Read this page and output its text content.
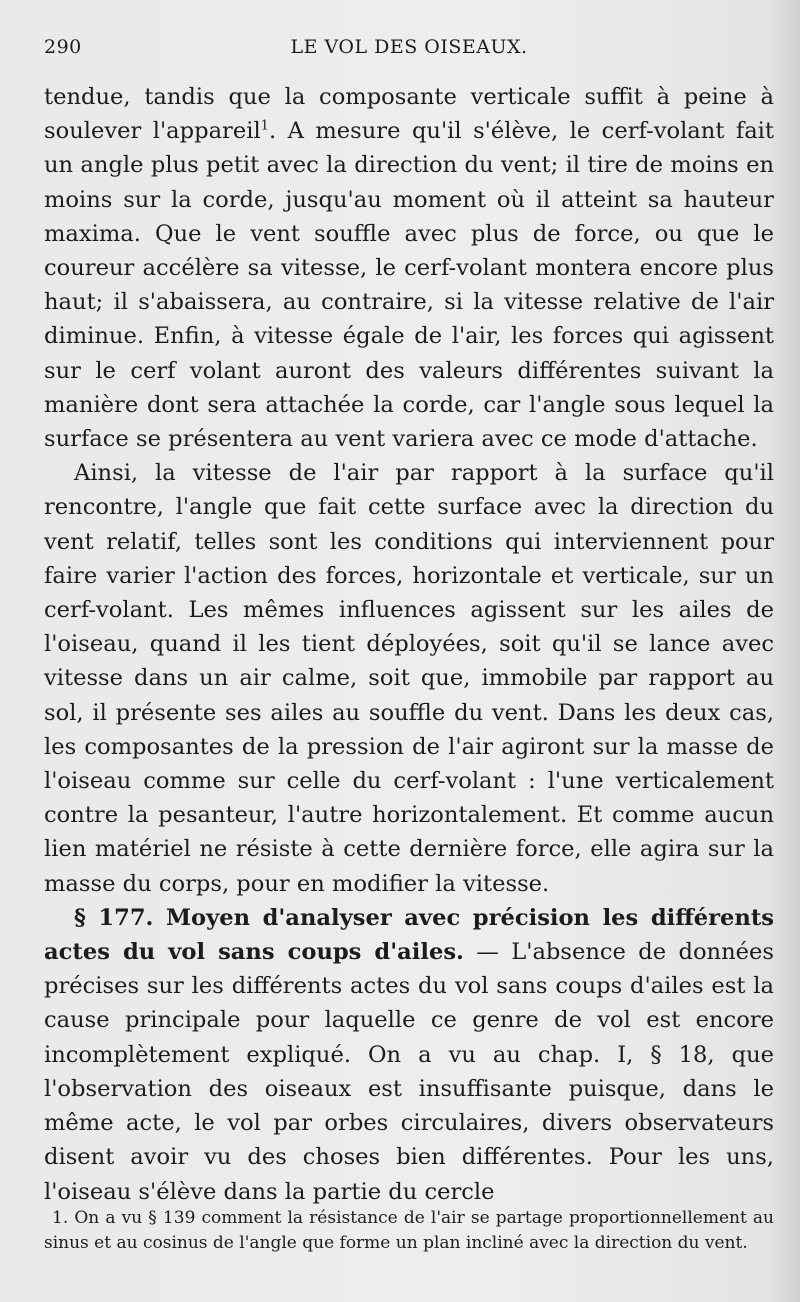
290	LE VOL DES OISEAUX.

tendue, tandis que la composante verticale suffit à peine à soulever l'appareil$^1$. A mesure qu'il s'élève, le cerf-volant fait un angle plus petit avec la direction du vent; il tire de moins en moins sur la corde, jusqu'au moment où il atteint sa hauteur maxima. Que le vent souffle avec plus de force, ou que le coureur accélère sa vitesse, le cerf-volant montera encore plus haut; il s'abaissera, au contraire, si la vitesse relative de l'air diminue. Enfin, à vitesse égale de l'air, les forces qui agissent sur le cerf volant auront des valeurs différentes suivant la manière dont sera attachée la corde, car l'angle sous lequel la surface se présentera au vent variera avec ce mode d'attache.

Ainsi, la vitesse de l'air par rapport à la surface qu'il rencontre, l'angle que fait cette surface avec la direction du vent relatif, telles sont les conditions qui interviennent pour faire varier l'action des forces, horizontale et verticale, sur un cerf-volant. Les mêmes influences agissent sur les ailes de l'oiseau, quand il les tient déployées, soit qu'il se lance avec vitesse dans un air calme, soit que, immobile par rapport au sol, il présente ses ailes au souffle du vent. Dans les deux cas, les composantes de la pression de l'air agiront sur la masse de l'oiseau comme sur celle du cerf-volant : l'une verticalement contre la pesanteur, l'autre horizontalement. Et comme aucun lien matériel ne résiste à cette dernière force, elle agira sur la masse du corps, pour en modifier la vitesse.

§ 177. Moyen d'analyser avec précision les différents actes du vol sans coups d'ailes. — L'absence de données précises sur les différents actes du vol sans coups d'ailes est la cause principale pour laquelle ce genre de vol est encore incomplètement expliqué. On a vu au chap. I, § 18, que l'observation des oiseaux est insuffisante puisque, dans le même acte, le vol par orbes circulaires, divers observateurs disent avoir vu des choses bien différentes. Pour les uns, l'oiseau s'élève dans la partie du cercle

1. On a vu § 139 comment la résistance de l'air se partage proportionnellement au sinus et au cosinus de l'angle que forme un plan incliné avec la direction du vent.
